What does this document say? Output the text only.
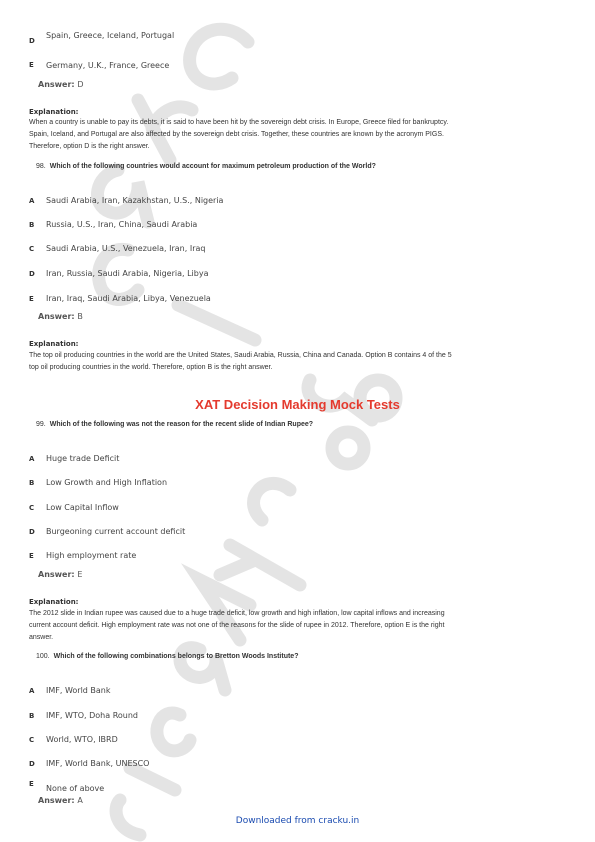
D
Spain, Greece, Iceland, Portugal
E Germany, U.K., France, Greece
Answer: D
Explanation:
When a country is unable to pay its debts, it is said to have been hit by the sovereign debt crisis. In Europe, Greece filed for bankruptcy.
Spain, Iceland, and Portugal are also affected by the sovereign debt crisis. Together, these countries are known by the acronym PIGS.
Therefore, option D is the right answer.
98. Which of the following countries would account for maximum petroleum production of the World?
A Saudi Arabia, Iran, Kazakhstan, U.S., Nigeria
B Russia, U.S., Iran, China, Saudi Arabia
C Saudi Arabia, U.S., Venezuela, Iran, Iraq
D Iran, Russia, Saudi Arabia, Nigeria, Libya
E Iran, Iraq, Saudi Arabia, Libya, Venezuela
Answer: B
Explanation:
The top oil producing countries in the world are the United States, Saudi Arabia, Russia, China and Canada. Option B contains 4 of the 5
top oil producing countries in the world. Therefore, option B is the right answer.
XAT Decision Making Mock Tests
99. Which of the following was not the reason for the recent slide of Indian Rupee?
A Huge trade Deficit
B Low Growth and High Inflation
C Low Capital Inflow
D Burgeoning current account deficit
E High employment rate
Answer: E
Explanation:
The 2012 slide in Indian rupee was caused due to a huge trade deficit, low growth and high inflation, low capital inflows and increasing
current account deficit. High employment rate was not one of the reasons for the slide of rupee in 2012. Therefore, option E is the right
answer.
100. Which of the following combinations belongs to Bretton Woods Institute?
A IMF, World Bank
B IMF, WTO, Doha Round
C World, WTO, IBRD
D IMF, World Bank, UNESCO
E None of above
Answer: A
Downloaded from cracku.in
